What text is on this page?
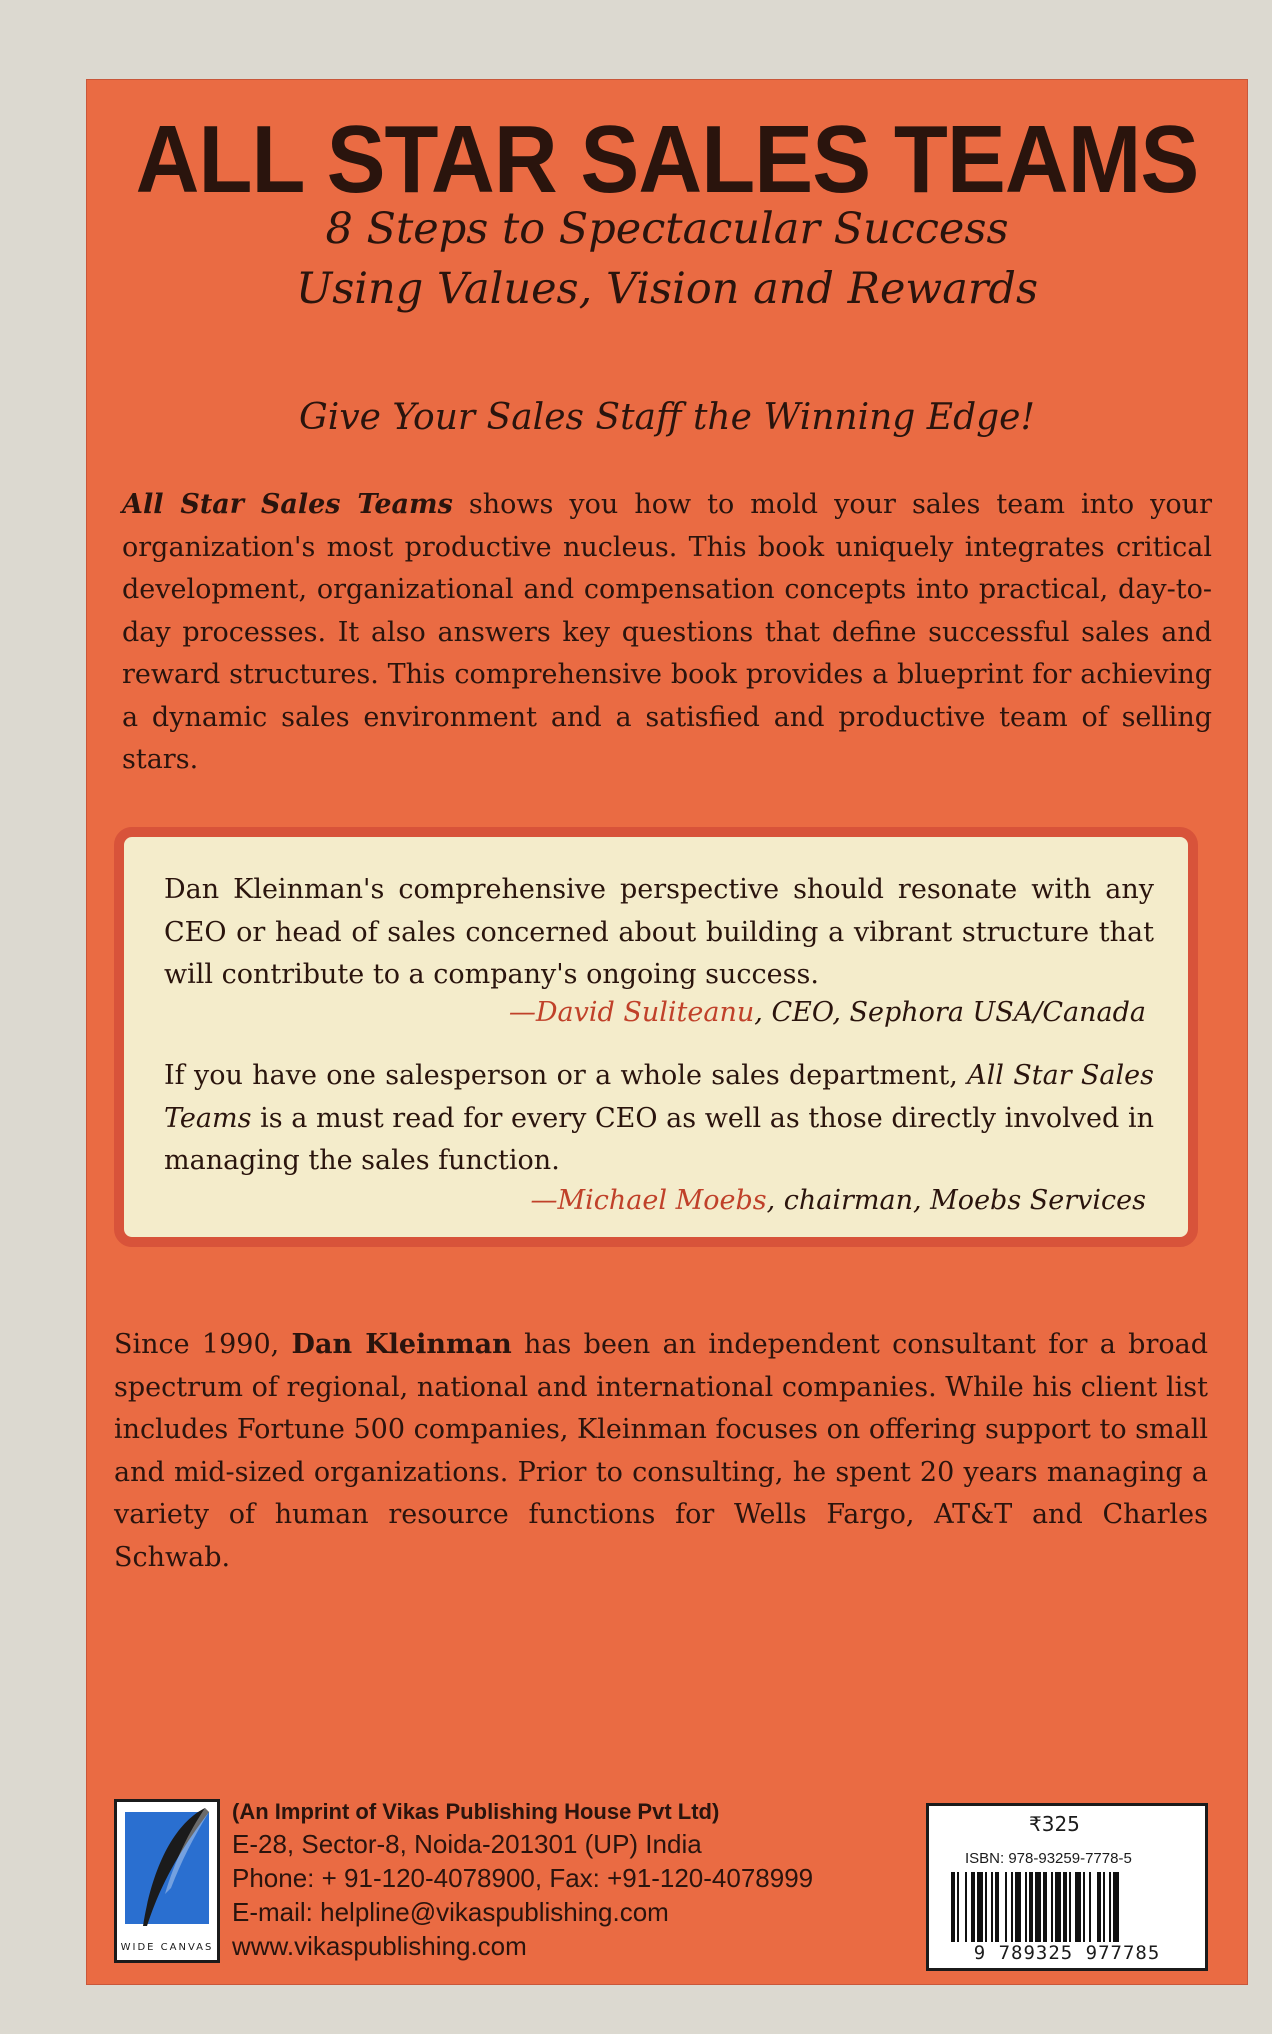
ALL STAR SALES TEAMS

8 Steps to Spectacular Success

Using Values, Vision and Rewards

Give Your Sales Staff the Winning Edge!

All Star Sales Teams shows you how to mold your sales team into your organization's most productive nucleus. This book uniquely integrates critical development, organizational and compensation concepts into practical, day-to-day processes. It also answers key questions that define successful sales and reward structures. This comprehensive book provides a blueprint for achieving a dynamic sales environment and a satisfied and productive team of selling stars.

Dan Kleinman's comprehensive perspective should resonate with any CEO or head of sales concerned about building a vibrant structure that will contribute to a company's ongoing success.

—David Suliteanu, CEO, Sephora USA/Canada

If you have one salesperson or a whole sales department, All Star Sales Teams is a must read for every CEO as well as those directly involved in managing the sales function.

—Michael Moebs, chairman, Moebs Services

Since 1990, Dan Kleinman has been an independent consultant for a broad spectrum of regional, national and international companies. While his client list includes Fortune 500 companies, Kleinman focuses on offering support to small and mid-sized organizations. Prior to consulting, he spent 20 years managing a variety of human resource functions for Wells Fargo, AT&T and Charles Schwab.

WIDE CANVAS
(An Imprint of Vikas Publishing House Pvt Ltd)
E-28, Sector-8, Noida-201301 (UP) India
Phone: + 91-120-4078900, Fax: +91-120-4078999
E-mail: helpline@vikaspublishing.com
www.vikaspublishing.com
₹325
ISBN: 978-93259-7778-5
9 789325 977785
